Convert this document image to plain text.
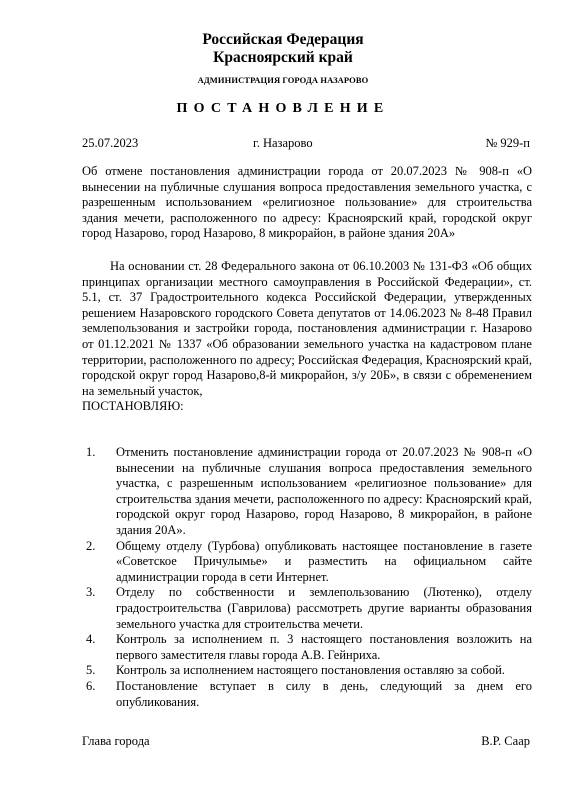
Российская Федерация
Красноярский край
АДМИНИСТРАЦИЯ ГОРОДА НАЗАРОВО
ПОСТАНОВЛЕНИЕ
25.07.2023	г. Назарово	№ 929-п

Об отмене постановления администрации города от 20.07.2023 № 908-п «О вынесении на публичные слушания вопроса предоставления земельного участка, с разрешенным использованием «религиозное пользование» для строительства здания мечети, расположенного по адресу: Красноярский край, городской округ город Назарово, город Назарово, 8 микрорайон, в районе здания 20А»

На основании ст. 28 Федерального закона от 06.10.2003 № 131-ФЗ «Об общих принципах организации местного самоуправления в Российской Федерации», ст. 5.1, ст. 37 Градостроительного кодекса Российской Федерации, утвержденных решением Назаровского городского Совета депутатов от 14.06.2023 № 8-48 Правил землепользования и застройки города, постановления администрации г. Назарово от 01.12.2021 № 1337 «Об образовании земельного участка на кадастровом плане территории, расположенного по адресу; Российская Федерация, Красноярский край, городской округ город Назарово,8-й микрорайон, з/у 20Б», в связи с обременением на земельный участок,

ПОСТАНОВЛЯЮ:

1. Отменить постановление администрации города от 20.07.2023 № 908-п «О вынесении на публичные слушания вопроса предоставления земельного участка, с разрешенным использованием «религиозное пользование» для строительства здания мечети, расположенного по адресу: Красноярский край, городской округ город Назарово, город Назарово, 8 микрорайон, в районе здания 20А».
2. Общему отделу (Турбова) опубликовать настоящее постановление в газете «Советское Причулымье» и разместить на официальном сайте администрации города в сети Интернет.
3. Отделу по собственности и землепользованию (Лютенко), отделу градостроительства (Гаврилова) рассмотреть другие варианты образования земельного участка для строительства мечети.
4. Контроль за исполнением п. 3 настоящего постановления возложить на первого заместителя главы города А.В. Гейнриха.
5. Контроль за исполнением настоящего постановления оставляю за собой.
6. Постановление вступает в силу в день, следующий за днем его опубликования.
Глава города	В.Р. Саар
